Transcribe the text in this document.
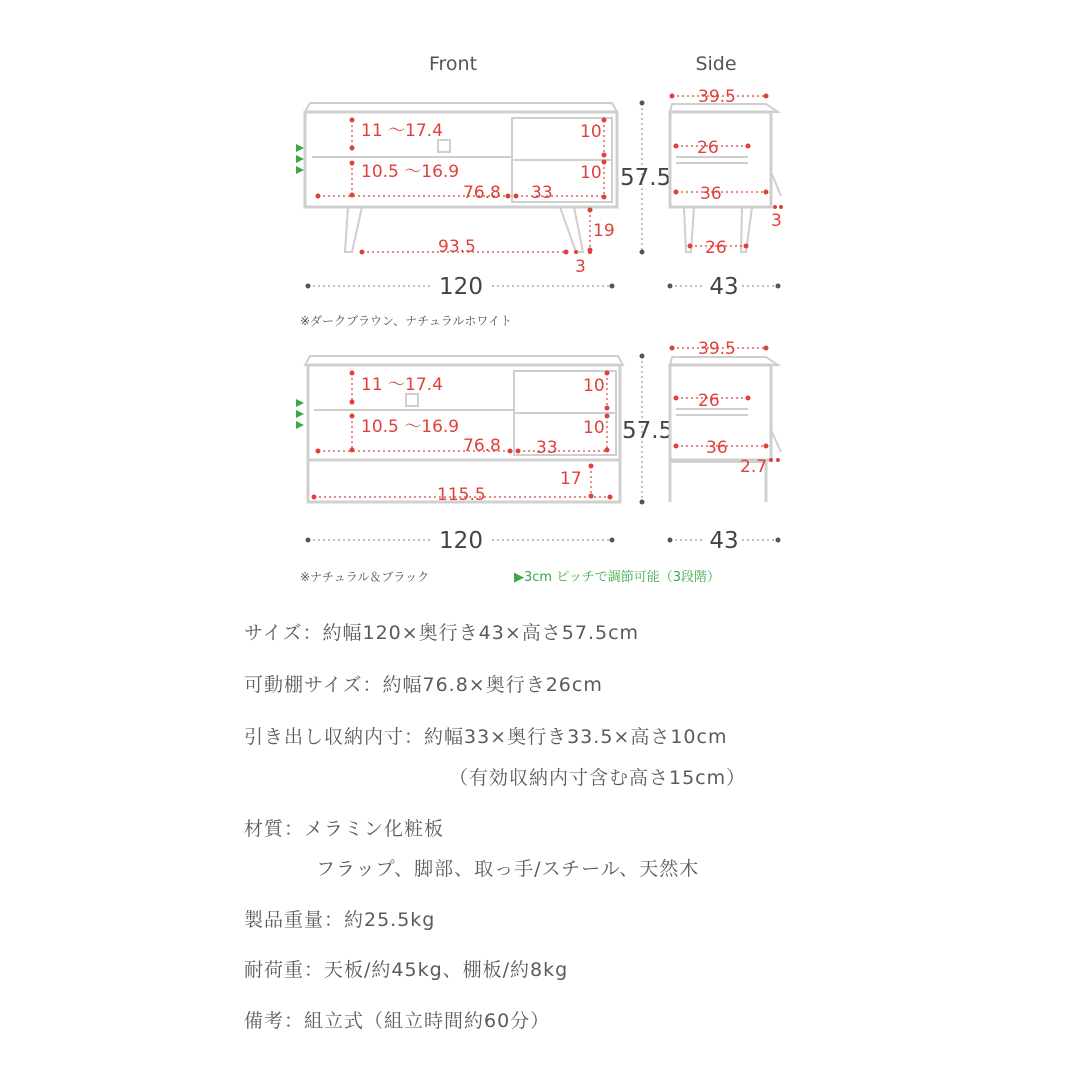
Front	Side
11 〜17.4
10.5 〜16.9
10
10
76.8 33
19
93.5
3
57.5
120
39.5
26
36
26
3
43
※ダークブラウン、ナチュラルホワイト
11 〜17.4
10.5 〜16.9
10
10
76.8 33
17
115.5
57.5
120
39.5
26
36
2.7
43
※ナチュラル＆ブラック	▶3cm ピッチで調節可能（3段階）
サイズ：約幅120×奥行き43×高さ57.5cm
可動棚サイズ：約幅76.8×奥行き26cm
引き出し収納内寸：約幅33×奥行き33.5×高さ10cm
（有効収納内寸含む高さ15cm）
材質：メラミン化粧板
フラップ、脚部、取っ手/スチール、天然木
製品重量：約25.5kg
耐荷重：天板/約45kg、棚板/約8kg
備考：組立式（組立時間約60分）
